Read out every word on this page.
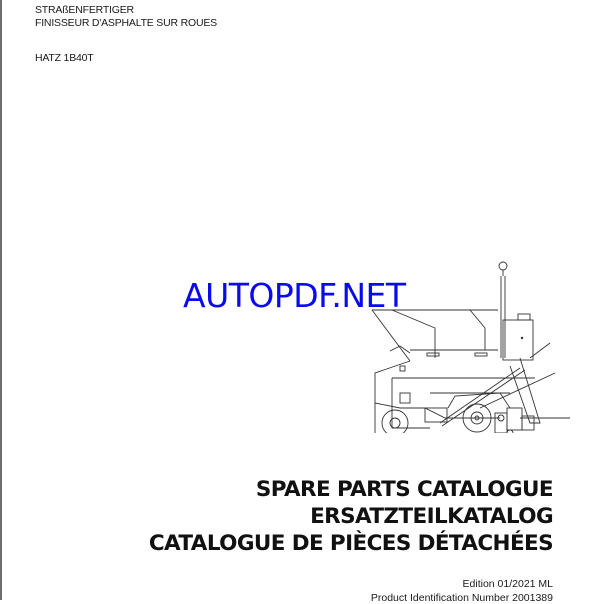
STRAßENFERTIGER
FINISSEUR D'ASPHALTE SUR ROUES
HATZ 1B40T
AUTOPDF.NET
SPARE PARTS CATALOGUE
ERSATZTEILKATALOG
CATALOGUE DE PIÈCES DÉTACHÉES
Edition 01/2021 ML
Product Identification Number 2001389
